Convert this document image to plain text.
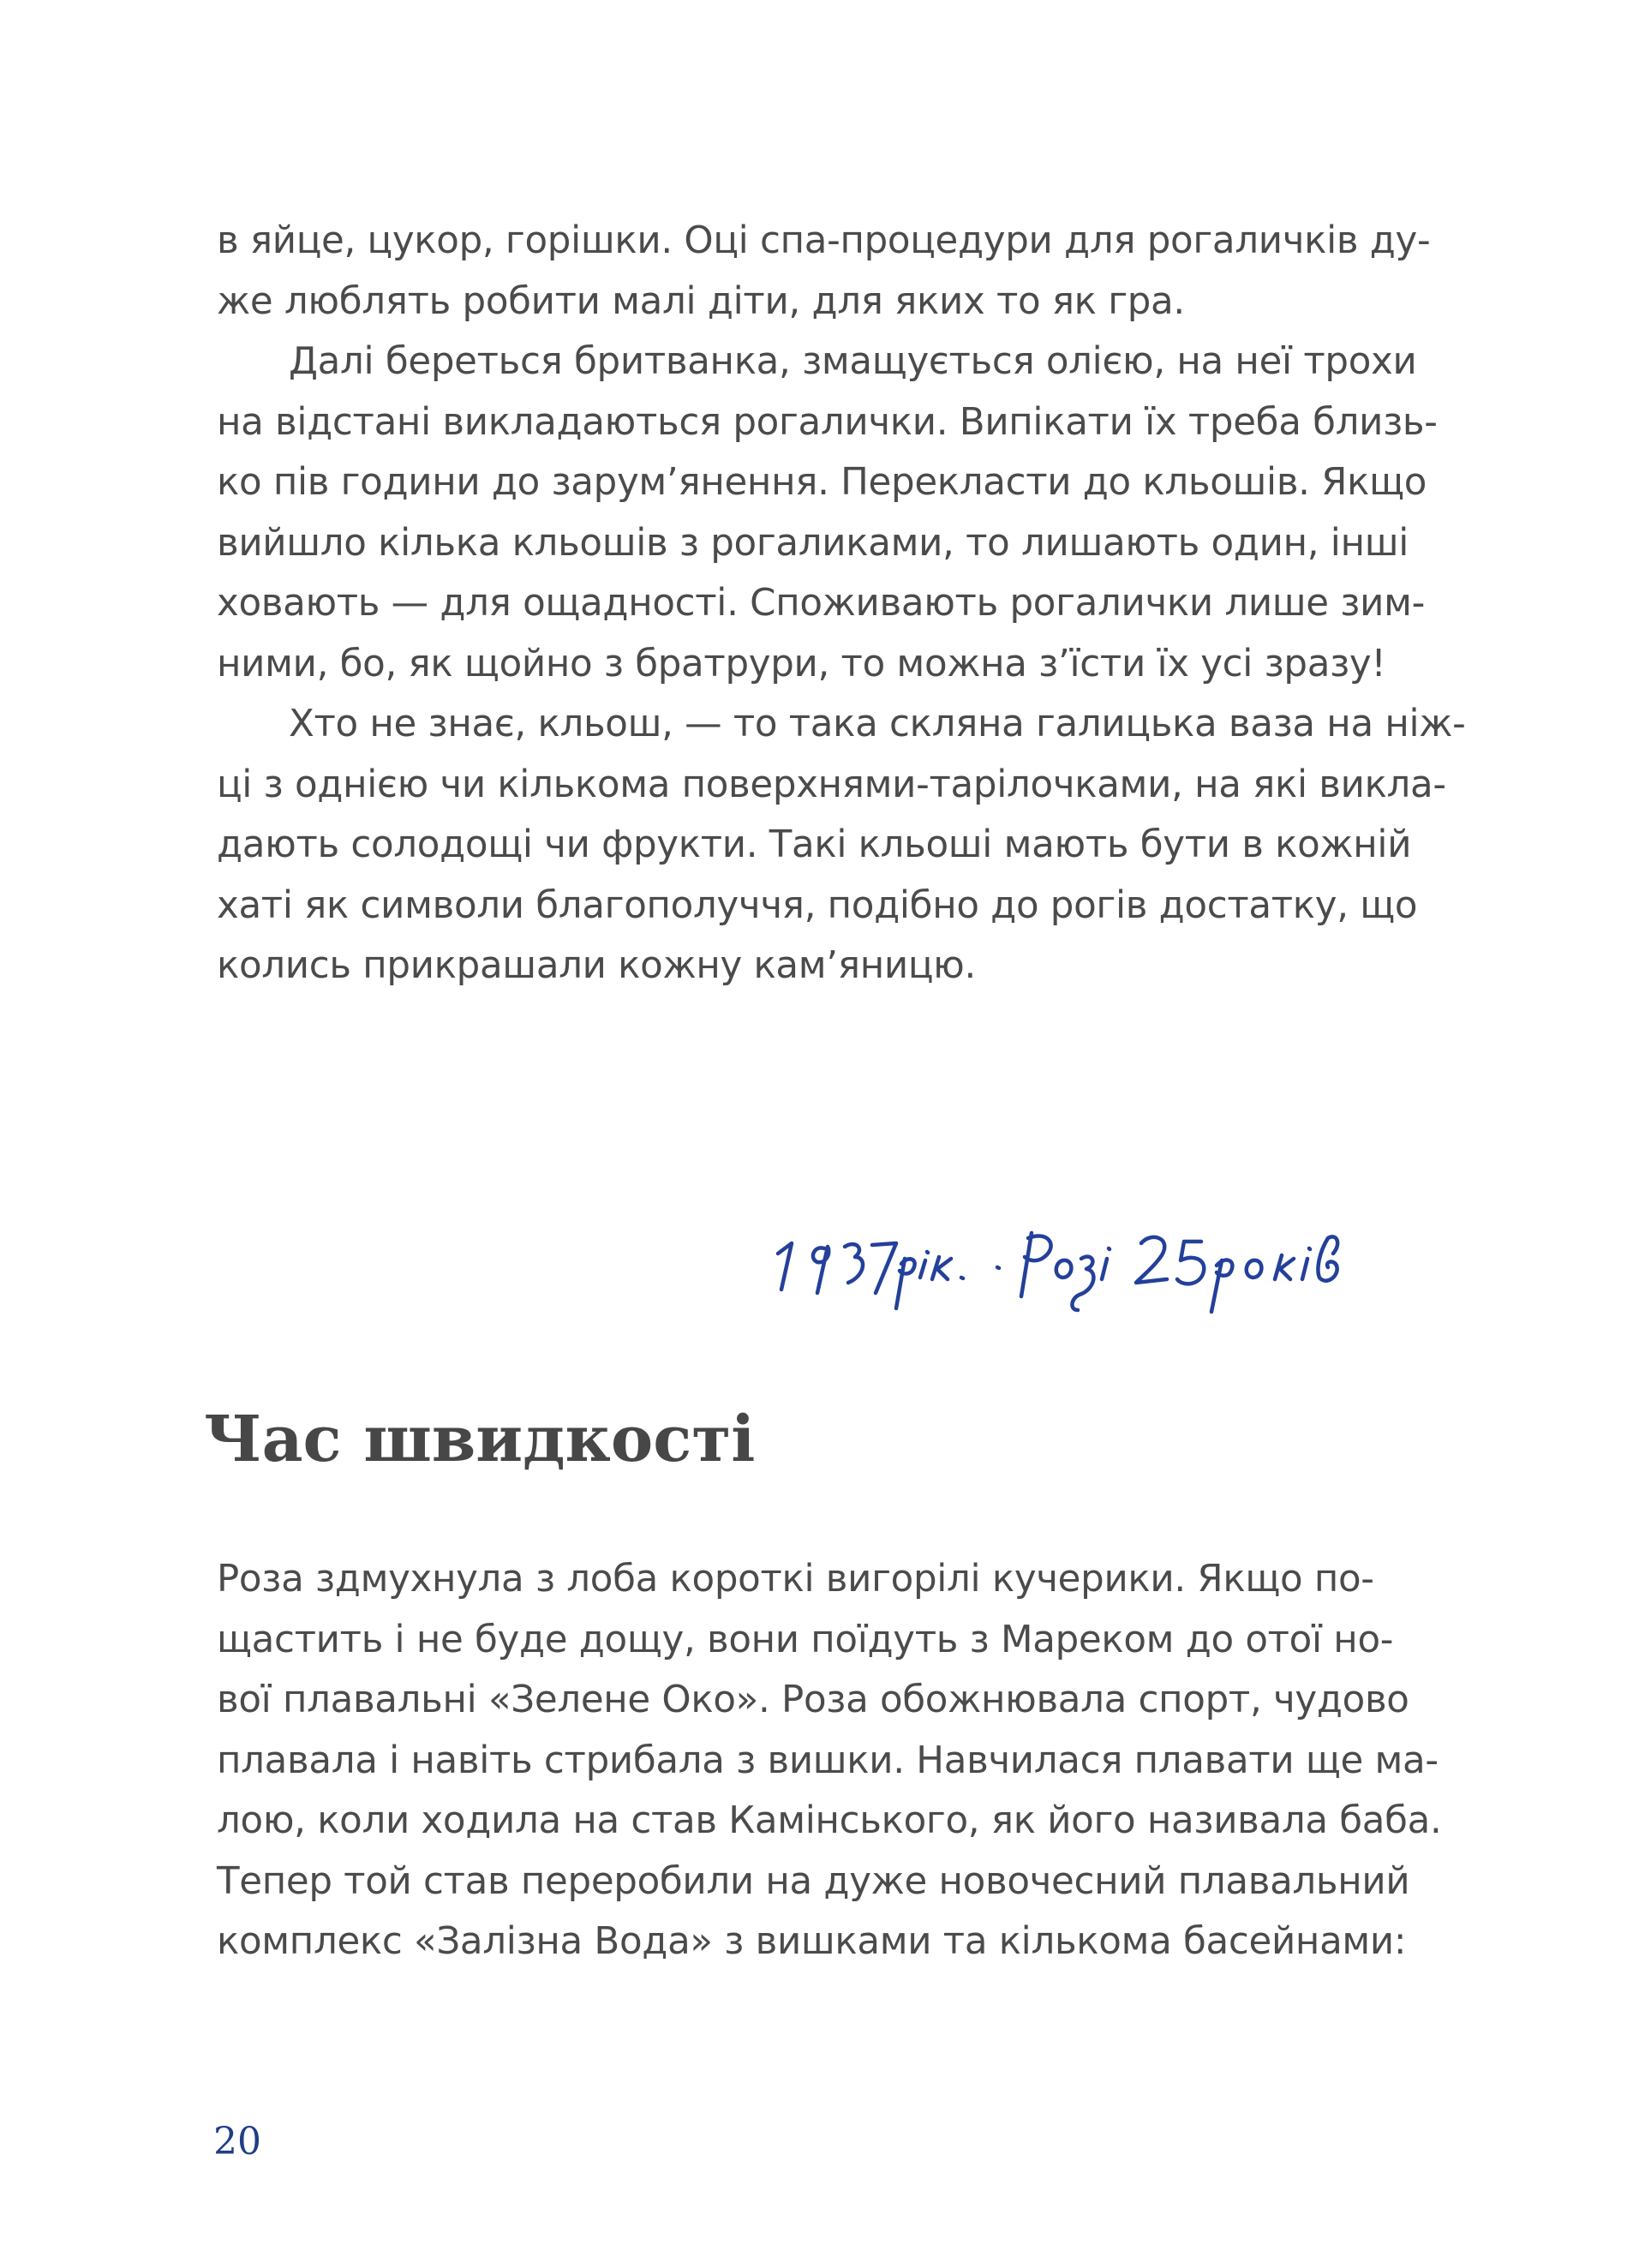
в яйце, цукор, горішки. Оці спа-процедури для рогаличків ду-
же люблять робити малі діти, для яких то як гра.
Далі береться бритванка, змащується олією, на неї трохи
на відстані викладаються рогалички. Випікати їх треба близь-
ко пів години до зарум’янення. Перекласти до кльошів. Якщо
вийшло кілька кльошів з рогаликами, то лишають один, інші
ховають — для ощадності. Споживають рогалички лише зим-
ними, бо, як щойно з братрури, то можна з’їсти їх усі зразу!
Хто не знає, кльош, — то така скляна галицька ваза на ніж-
ці з однією чи кількома поверхнями-тарілочками, на які викла-
дають солодощі чи фрукти. Такі кльоші мають бути в кожній
хаті як символи благополуччя, подібно до рогів достатку, що
колись прикрашали кожну кам’яницю.
1937 рік. Розі 25 років
Час швидкості
Роза здмухнула з лоба короткі вигорілі кучерики. Якщо по-
щастить і не буде дощу, вони поїдуть з Мареком до отої но-
вої плавальні «Зелене Око». Роза обожнювала спорт, чудово
плавала і навіть стрибала з вишки. Навчилася плавати ще ма-
лою, коли ходила на став Камінського, як його називала баба.
Тепер той став переробили на дуже новочесний плавальний
комплекс «Залізна Вода» з вишками та кількома басейнами:
20
